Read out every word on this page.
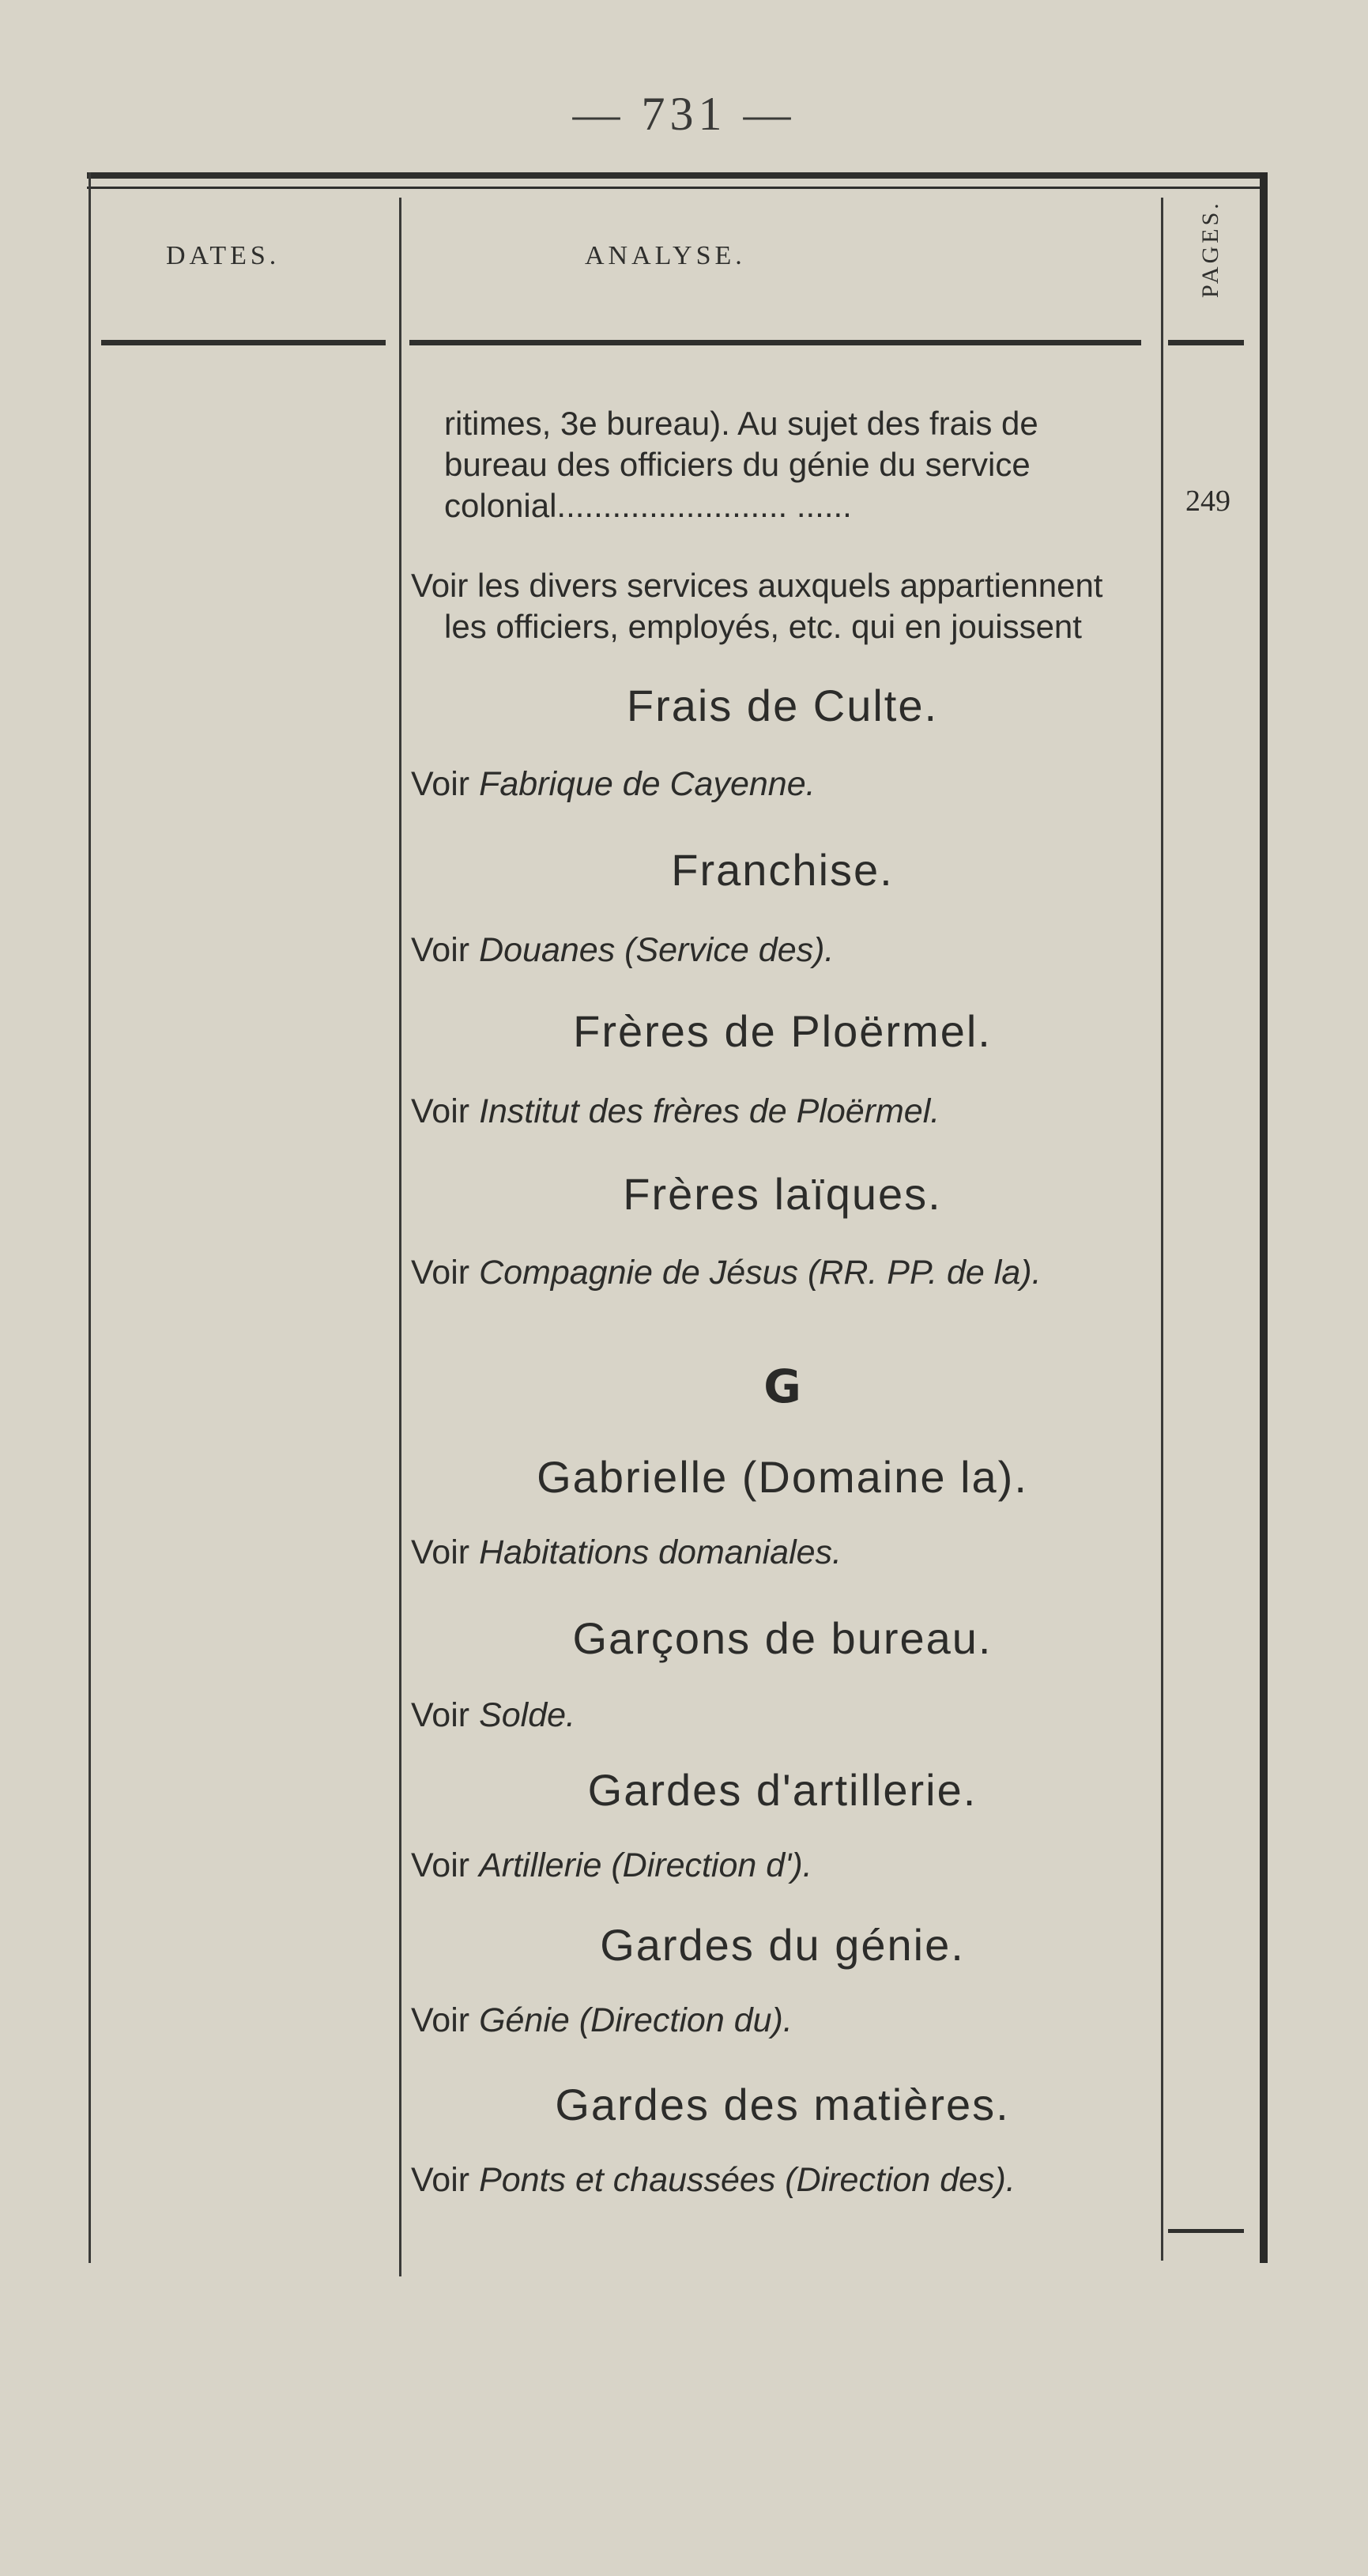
— 731 —
DATES.	ANALYSE.	PAGES.
ritimes, 3e bureau). Au sujet des frais de
bureau des officiers du génie du service
colonial......................... ......	249
Voir les divers services auxquels appartiennent
les officiers, employés, etc. qui en jouissent
Frais de Culte.
Voir Fabrique de Cayenne.
Franchise.
Voir Douanes (Service des).
Frères de Ploërmel.
Voir Institut des frères de Ploërmel.
Frères laïques.
Voir Compagnie de Jésus (RR. PP. de la).
G
Gabrielle (Domaine la).
Voir Habitations domaniales.
Garçons de bureau.
Voir Solde.
Gardes d'artillerie.
Voir Artillerie (Direction d').
Gardes du génie.
Voir Génie (Direction du).
Gardes des matières.
Voir Ponts et chaussées (Direction des).
